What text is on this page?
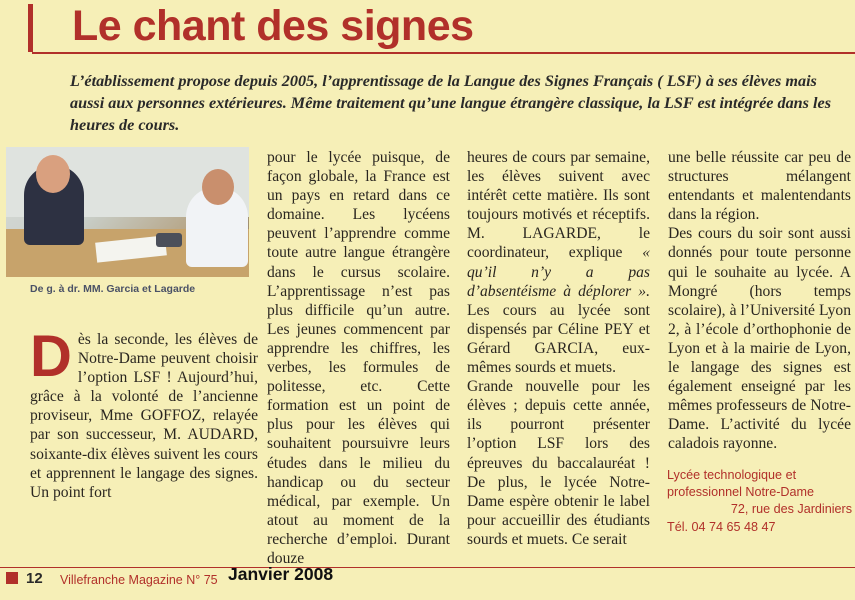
Le chant des signes

L’établissement propose depuis 2005, l’apprentissage de la Langue des Signes Français ( LSF) à ses élèves mais aussi aux personnes extérieures. Même traitement qu’une langue étrangère classique, la LSF est intégrée dans les heures de cours.

De g. à dr. MM. Garcia et Lagarde
D ès la seconde, les élèves de Notre-Dame peuvent choisir l’option LSF ! Aujourd’hui, grâce à la volonté de l’ancienne proviseur, Mme GOFFOZ, relayée par son successeur, M. AUDARD, soixante-dix élèves suivent les cours et apprennent le langage des signes. Un point fort

pour le lycée puisque, de façon globale, la France est un pays en retard dans ce domaine. Les lycéens peuvent l’apprendre comme toute autre langue étrangère dans le cursus scolaire. L’apprentissage n’est pas plus difficile qu’un autre. Les jeunes commencent par apprendre les chiffres, les verbes, les formules de politesse, etc. Cette formation est un point de plus pour les élèves qui souhaitent poursuivre leurs études dans le milieu du handicap ou du secteur médical, par exemple. Un atout au moment de la recherche d’emploi. Durant douze

heures de cours par semaine, les élèves suivent avec intérêt cette matière. Ils sont toujours motivés et réceptifs. M. LAGARDE, le coordinateur, explique « qu’il n’y a pas d’absentéisme à déplorer ». Les cours au lycée sont dispensés par Céline PEY et Gérard GARCIA, eux-mêmes sourds et muets.

Grande nouvelle pour les élèves ; depuis cette année, ils pourront présenter l’option LSF lors des épreuves du baccalauréat ! De plus, le lycée Notre-Dame espère obtenir le label pour accueillir des étudiants sourds et muets. Ce serait

une belle réussite car peu de structures mélangent entendants et malentendants dans la région.

Des cours du soir sont aussi donnés pour toute personne qui le souhaite au lycée. A Mongré (hors temps scolaire), à l’Université Lyon 2, à l’école d’orthophonie de Lyon et à la mairie de Lyon, le langage des signes est également enseigné par les mêmes professeurs de Notre-Dame. L’activité du lycée caladois rayonne.

Lycée technologique et
professionnel Notre-Dame
72, rue des Jardiniers
Tél. 04 74 65 48 47
12 Villefranche Magazine N° 75 Janvier 2008
